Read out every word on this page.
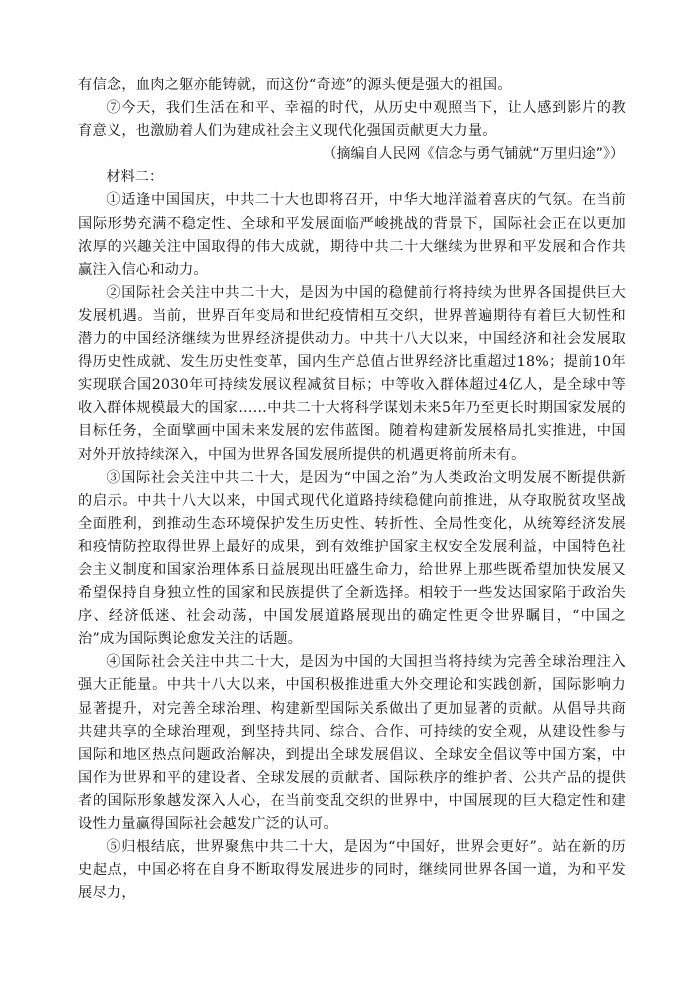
有信念，血肉之躯亦能铸就，而这份“奇迹”的源头便是强大的祖国。

⑦今天，我们生活在和平、幸福的时代，从历史中观照当下，让人感到影片的教育意义，也激励着人们为建成社会主义现代化强国贡献更大力量。

（摘编自人民网《信念与勇气铺就“万里归途”》）

材料二：

①适逢中国国庆，中共二十大也即将召开，中华大地洋溢着喜庆的气氛。在当前国际形势充满不稳定性、全球和平发展面临严峻挑战的背景下，国际社会正在以更加浓厚的兴趣关注中国取得的伟大成就，期待中共二十大继续为世界和平发展和合作共赢注入信心和动力。

②国际社会关注中共二十大，是因为中国的稳健前行将持续为世界各国提供巨大发展机遇。当前，世界百年变局和世纪疫情相互交织，世界普遍期待有着巨大韧性和潜力的中国经济继续为世界经济提供动力。中共十八大以来，中国经济和社会发展取得历史性成就、发生历史性变革，国内生产总值占世界经济比重超过18%；提前10年实现联合国2030年可持续发展议程减贫目标；中等收入群体超过4亿人，是全球中等收入群体规模最大的国家……中共二十大将科学谋划未来5年乃至更长时期国家发展的目标任务，全面擘画中国未来发展的宏伟蓝图。随着构建新发展格局扎实推进，中国对外开放持续深入，中国为世界各国发展所提供的机遇更将前所未有。

③国际社会关注中共二十大，是因为“中国之治”为人类政治文明发展不断提供新的启示。中共十八大以来，中国式现代化道路持续稳健向前推进，从夺取脱贫攻坚战全面胜利，到推动生态环境保护发生历史性、转折性、全局性变化，从统筹经济发展和疫情防控取得世界上最好的成果，到有效维护国家主权安全发展利益，中国特色社会主义制度和国家治理体系日益展现出旺盛生命力，给世界上那些既希望加快发展又希望保持自身独立性的国家和民族提供了全新选择。相较于一些发达国家陷于政治失序、经济低迷、社会动荡，中国发展道路展现出的确定性更令世界瞩目，“中国之治”成为国际舆论愈发关注的话题。

④国际社会关注中共二十大，是因为中国的大国担当将持续为完善全球治理注入强大正能量。中共十八大以来，中国积极推进重大外交理论和实践创新，国际影响力显著提升，对完善全球治理、构建新型国际关系做出了更加显著的贡献。从倡导共商共建共享的全球治理观，到坚持共同、综合、合作、可持续的安全观，从建设性参与国际和地区热点问题政治解决，到提出全球发展倡议、全球安全倡议等中国方案，中国作为世界和平的建设者、全球发展的贡献者、国际秩序的维护者、公共产品的提供者的国际形象越发深入人心，在当前变乱交织的世界中，中国展现的巨大稳定性和建设性力量赢得国际社会越发广泛的认可。

⑤归根结底，世界聚焦中共二十大，是因为“中国好，世界会更好”。站在新的历史起点，中国必将在自身不断取得发展进步的同时，继续同世界各国一道，为和平发展尽力，
